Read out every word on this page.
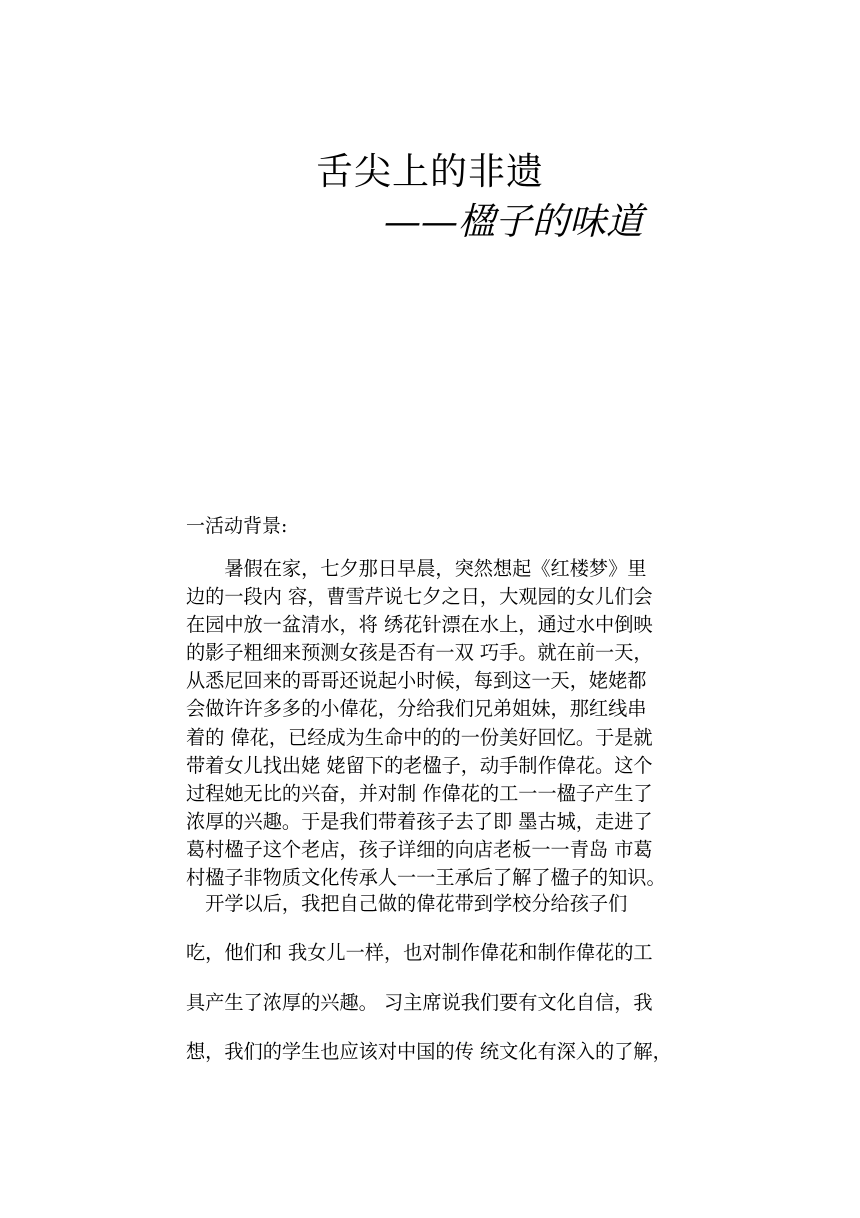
舌尖上的非遗
——楹子的味道
一活动背景:
　　暑假在家，七夕那日早晨，突然想起《红楼梦》里
边的一段内 容，曹雪芹说七夕之日，大观园的女儿们会
在园中放一盆清水，将 绣花针漂在水上，通过水中倒映
的影子粗细来预测女孩是否有一双 巧手。就在前一天，
从悉尼回来的哥哥还说起小时候，每到这一天，姥姥都
会做许许多多的小偉花，分给我们兄弟姐妹，那红线串
着的 偉花，已经成为生命中的的一份美好回忆。于是就
带着女儿找出姥 姥留下的老楹子，动手制作偉花。这个
过程她无比的兴奋，并对制 作偉花的工一一楹子产生了
浓厚的兴趣。于是我们带着孩子去了即 墨古城，走进了
葛村楹子这个老店，孩子详细的向店老板一一青岛 市葛
村楹子非物质文化传承人一一王承后了解了楹子的知识。
　开学以后，我把自己做的偉花带到学校分给孩子们
吃，他们和 我女儿一样，也对制作偉花和制作偉花的工
具产生了浓厚的兴趣。 习主席说我们要有文化自信，我
想，我们的学生也应该对中国的传 统文化有深入的了解，
